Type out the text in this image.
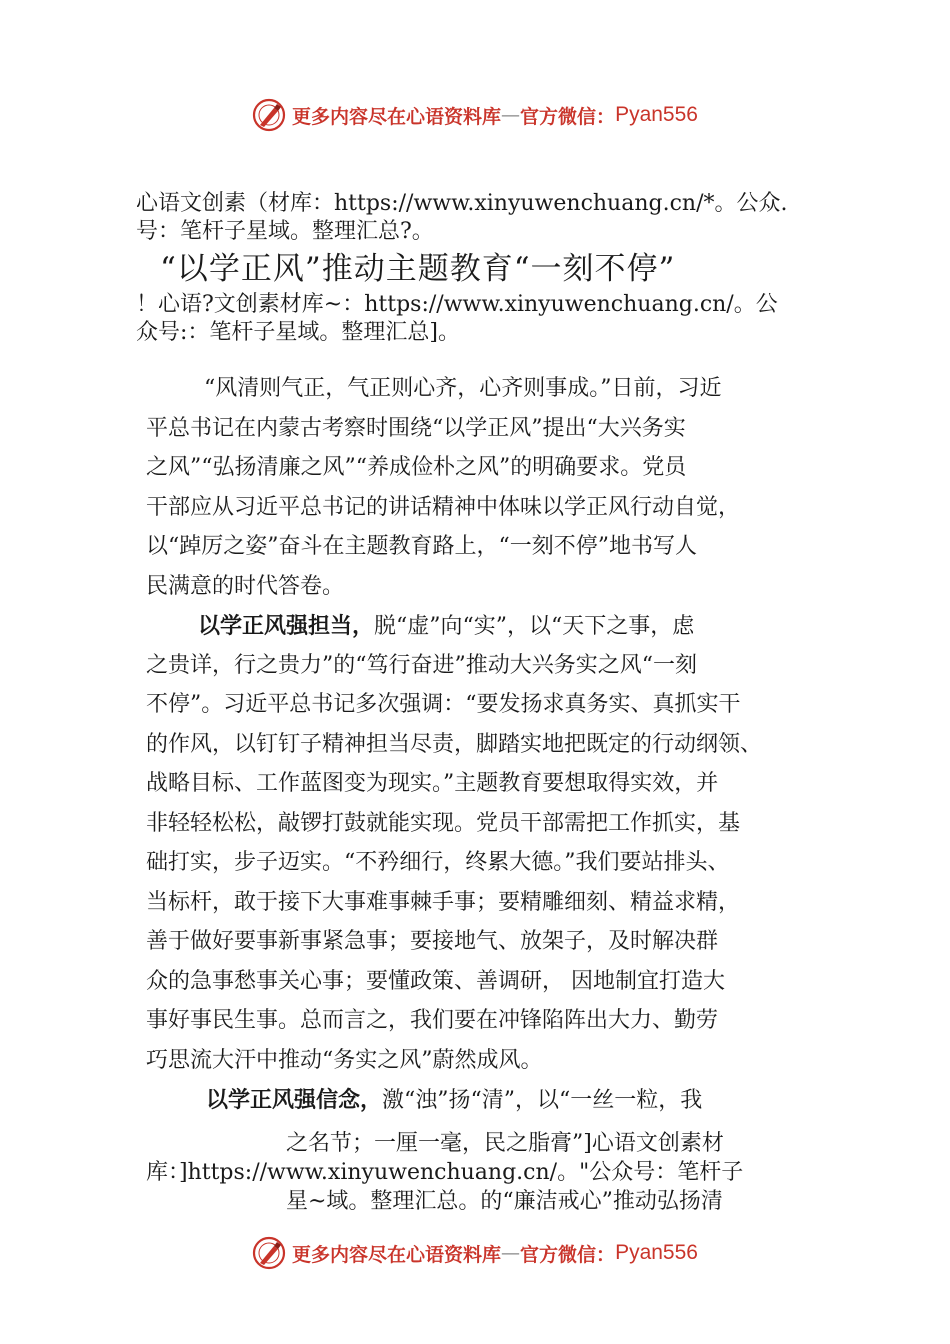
更多内容尽在心语资料库 — 官方微信： Pyan556

心语文创素（材库：https://www.xinyuwenchuang.cn/*。公众.

号：笔杆子星域。整理汇总?。

“以学正风”推动主题教育“一刻不停”

！心语?文创素材库~：https://www.xinyuwenchuang.cn/。公

众号:：笔杆子星域。整理汇总]。

“风清则气正，气正则心齐，心齐则事成。”日前，习近
平总书记在内蒙古考察时围绕“以学正风”提出“大兴务实
之风”“弘扬清廉之风”“养成俭朴之风”的明确要求。党员
干部应从习近平总书记的讲话精神中体味以学正风行动自觉，
以“踔厉之姿”奋斗在主题教育路上，“一刻不停”地书写人
民满意的时代答卷。
以学正风强担当，脱“虚”向“实”，以“天下之事，虑
之贵详，行之贵力”的“笃行奋进”推动大兴务实之风“一刻
不停”。习近平总书记多次强调：“要发扬求真务实、真抓实干
的作风，以钉钉子精神担当尽责，脚踏实地把既定的行动纲领、
战略目标、工作蓝图变为现实。”主题教育要想取得实效，并
非轻轻松松，敲锣打鼓就能实现。党员干部需把工作抓实，基
础打实，步子迈实。“不矜细行，终累大德。”我们要站排头、
当标杆，敢于接下大事难事棘手事；要精雕细刻、精益求精，
善于做好要事新事紧急事；要接地气、放架子，及时解决群
众的急事愁事关心事；要懂政策、善调研， 因地制宜打造大
事好事民生事。总而言之，我们要在冲锋陷阵出大力、勤劳
巧思流大汗中推动“务实之风”蔚然成风。

以学正风强信念，激“浊”扬“清”，以“一丝一粒，我

之名节；一厘一毫，民之脂膏”]心语文创素材

库：]https://www.xinyuwenchuang.cn/。"公众号：笔杆子

星~域。整理汇总。的“廉洁戒心”推动弘扬清

更多内容尽在心语资料库 — 官方微信： Pyan556
